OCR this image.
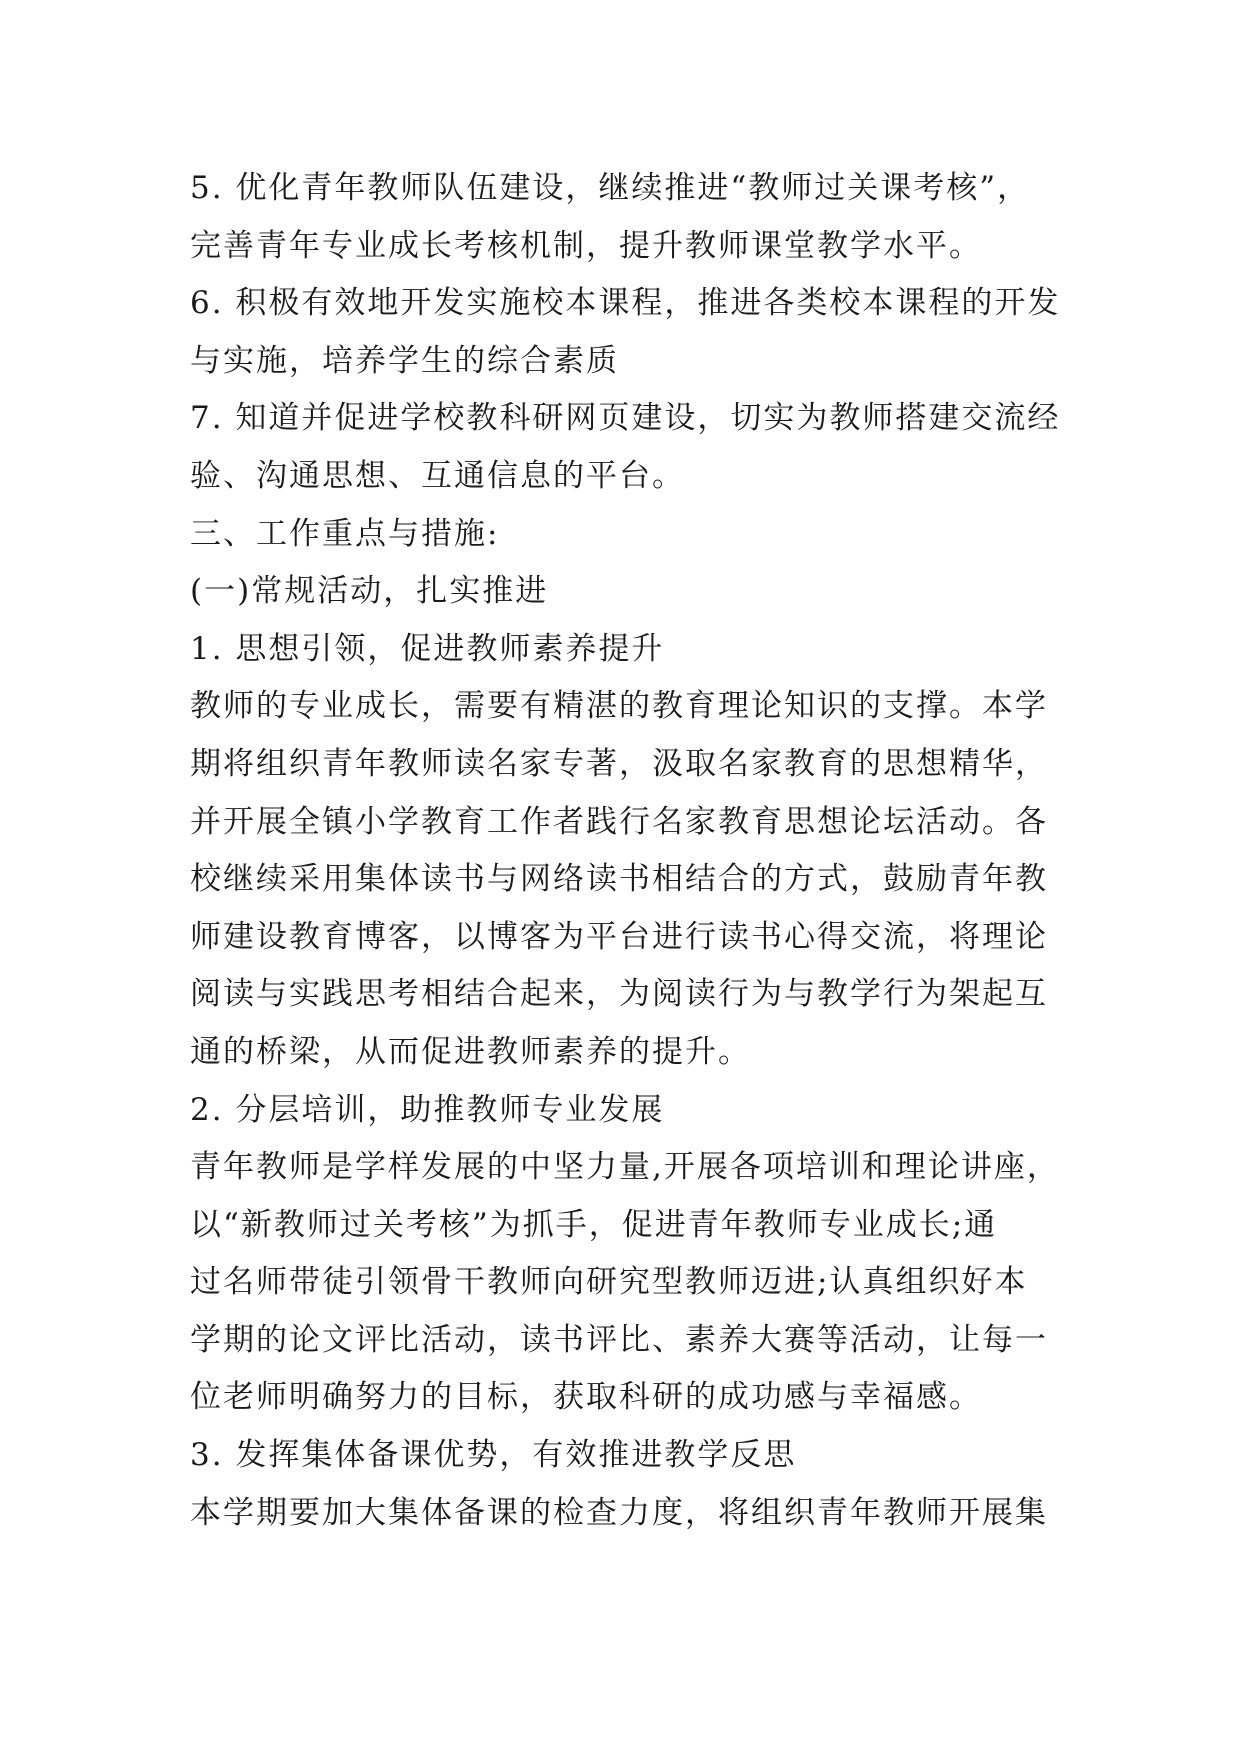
5. 优化青年教师队伍建设，继续推进“教师过关课考核”，
完善青年专业成长考核机制，提升教师课堂教学水平。
6. 积极有效地开发实施校本课程，推进各类校本课程的开发
与实施，培养学生的综合素质
7. 知道并促进学校教科研网页建设，切实为教师搭建交流经
验、沟通思想、互通信息的平台。
三、工作重点与措施:
(一)常规活动，扎实推进
1. 思想引领，促进教师素养提升
教师的专业成长，需要有精湛的教育理论知识的支撑。本学
期将组织青年教师读名家专著，汲取名家教育的思想精华，
并开展全镇小学教育工作者践行名家教育思想论坛活动。各
校继续采用集体读书与网络读书相结合的方式，鼓励青年教
师建设教育博客，以博客为平台进行读书心得交流，将理论
阅读与实践思考相结合起来，为阅读行为与教学行为架起互
通的桥梁，从而促进教师素养的提升。
2. 分层培训，助推教师专业发展
青年教师是学样发展的中坚力量,开展各项培训和理论讲座，
以“新教师过关考核”为抓手，促进青年教师专业成长;通
过名师带徒引领骨干教师向研究型教师迈进;认真组织好本
学期的论文评比活动，读书评比、素养大赛等活动，让每一
位老师明确努力的目标，获取科研的成功感与幸福感。
3. 发挥集体备课优势，有效推进教学反思
本学期要加大集体备课的检查力度，将组织青年教师开展集
